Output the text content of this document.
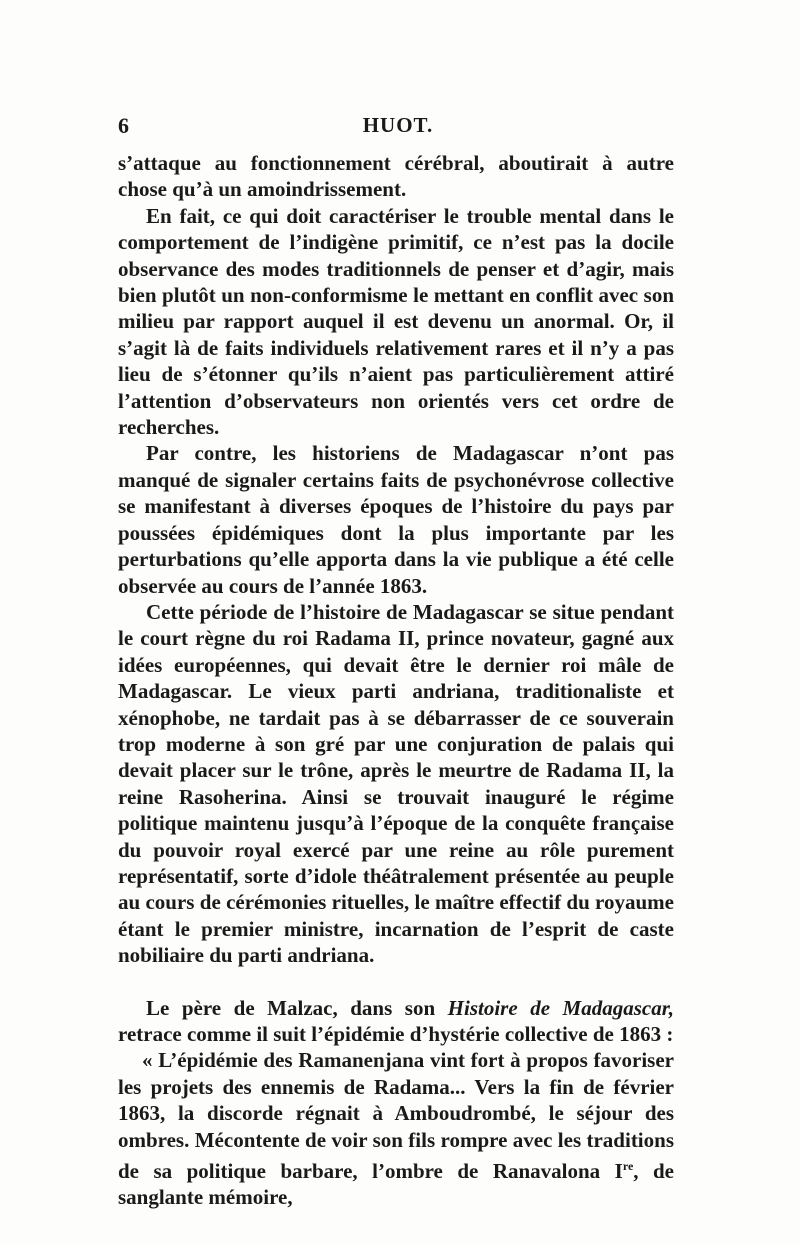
6	HUOT.

s’attaque au fonctionnement cérébral, aboutirait à autre chose qu’à un amoindrissement.

En fait, ce qui doit caractériser le trouble mental dans le comportement de l’indigène primitif, ce n’est pas la docile observance des modes traditionnels de penser et d’agir, mais bien plutôt un non-conformisme le mettant en conflit avec son milieu par rapport auquel il est devenu un anormal. Or, il s’agit là de faits individuels relativement rares et il n’y a pas lieu de s’étonner qu’ils n’aient pas particulièrement attiré l’attention d’observateurs non orientés vers cet ordre de recherches.

Par contre, les historiens de Madagascar n’ont pas manqué de signaler certains faits de psychonévrose collective se manifestant à diverses époques de l’histoire du pays par poussées épidémiques dont la plus importante par les perturbations qu’elle apporta dans la vie publique a été celle observée au cours de l’année 1863.

Cette période de l’histoire de Madagascar se situe pendant le court règne du roi Radama II, prince novateur, gagné aux idées européennes, qui devait être le dernier roi mâle de Madagascar. Le vieux parti andriana, traditionaliste et xénophobe, ne tardait pas à se débarrasser de ce souverain trop moderne à son gré par une conjuration de palais qui devait placer sur le trône, après le meurtre de Radama II, la reine Rasoherina. Ainsi se trouvait inauguré le régime politique maintenu jusqu’à l’époque de la conquête française du pouvoir royal exercé par une reine au rôle purement représentatif, sorte d’idole théâtralement présentée au peuple au cours de cérémonies rituelles, le maître effectif du royaume étant le premier ministre, incarnation de l’esprit de caste nobiliaire du parti andriana.

Le père de Malzac, dans son Histoire de Madagascar, retrace comme il suit l’épidémie d’hystérie collective de 1863 :

« L’épidémie des Ramanenjana vint fort à propos favoriser les projets des ennemis de Radama... Vers la fin de février 1863, la discorde régnait à Amboudrombé, le séjour des ombres. Mécontente de voir son fils rompre avec les traditions de sa politique barbare, l’ombre de Ranavalona Ire, de sanglante mémoire,
